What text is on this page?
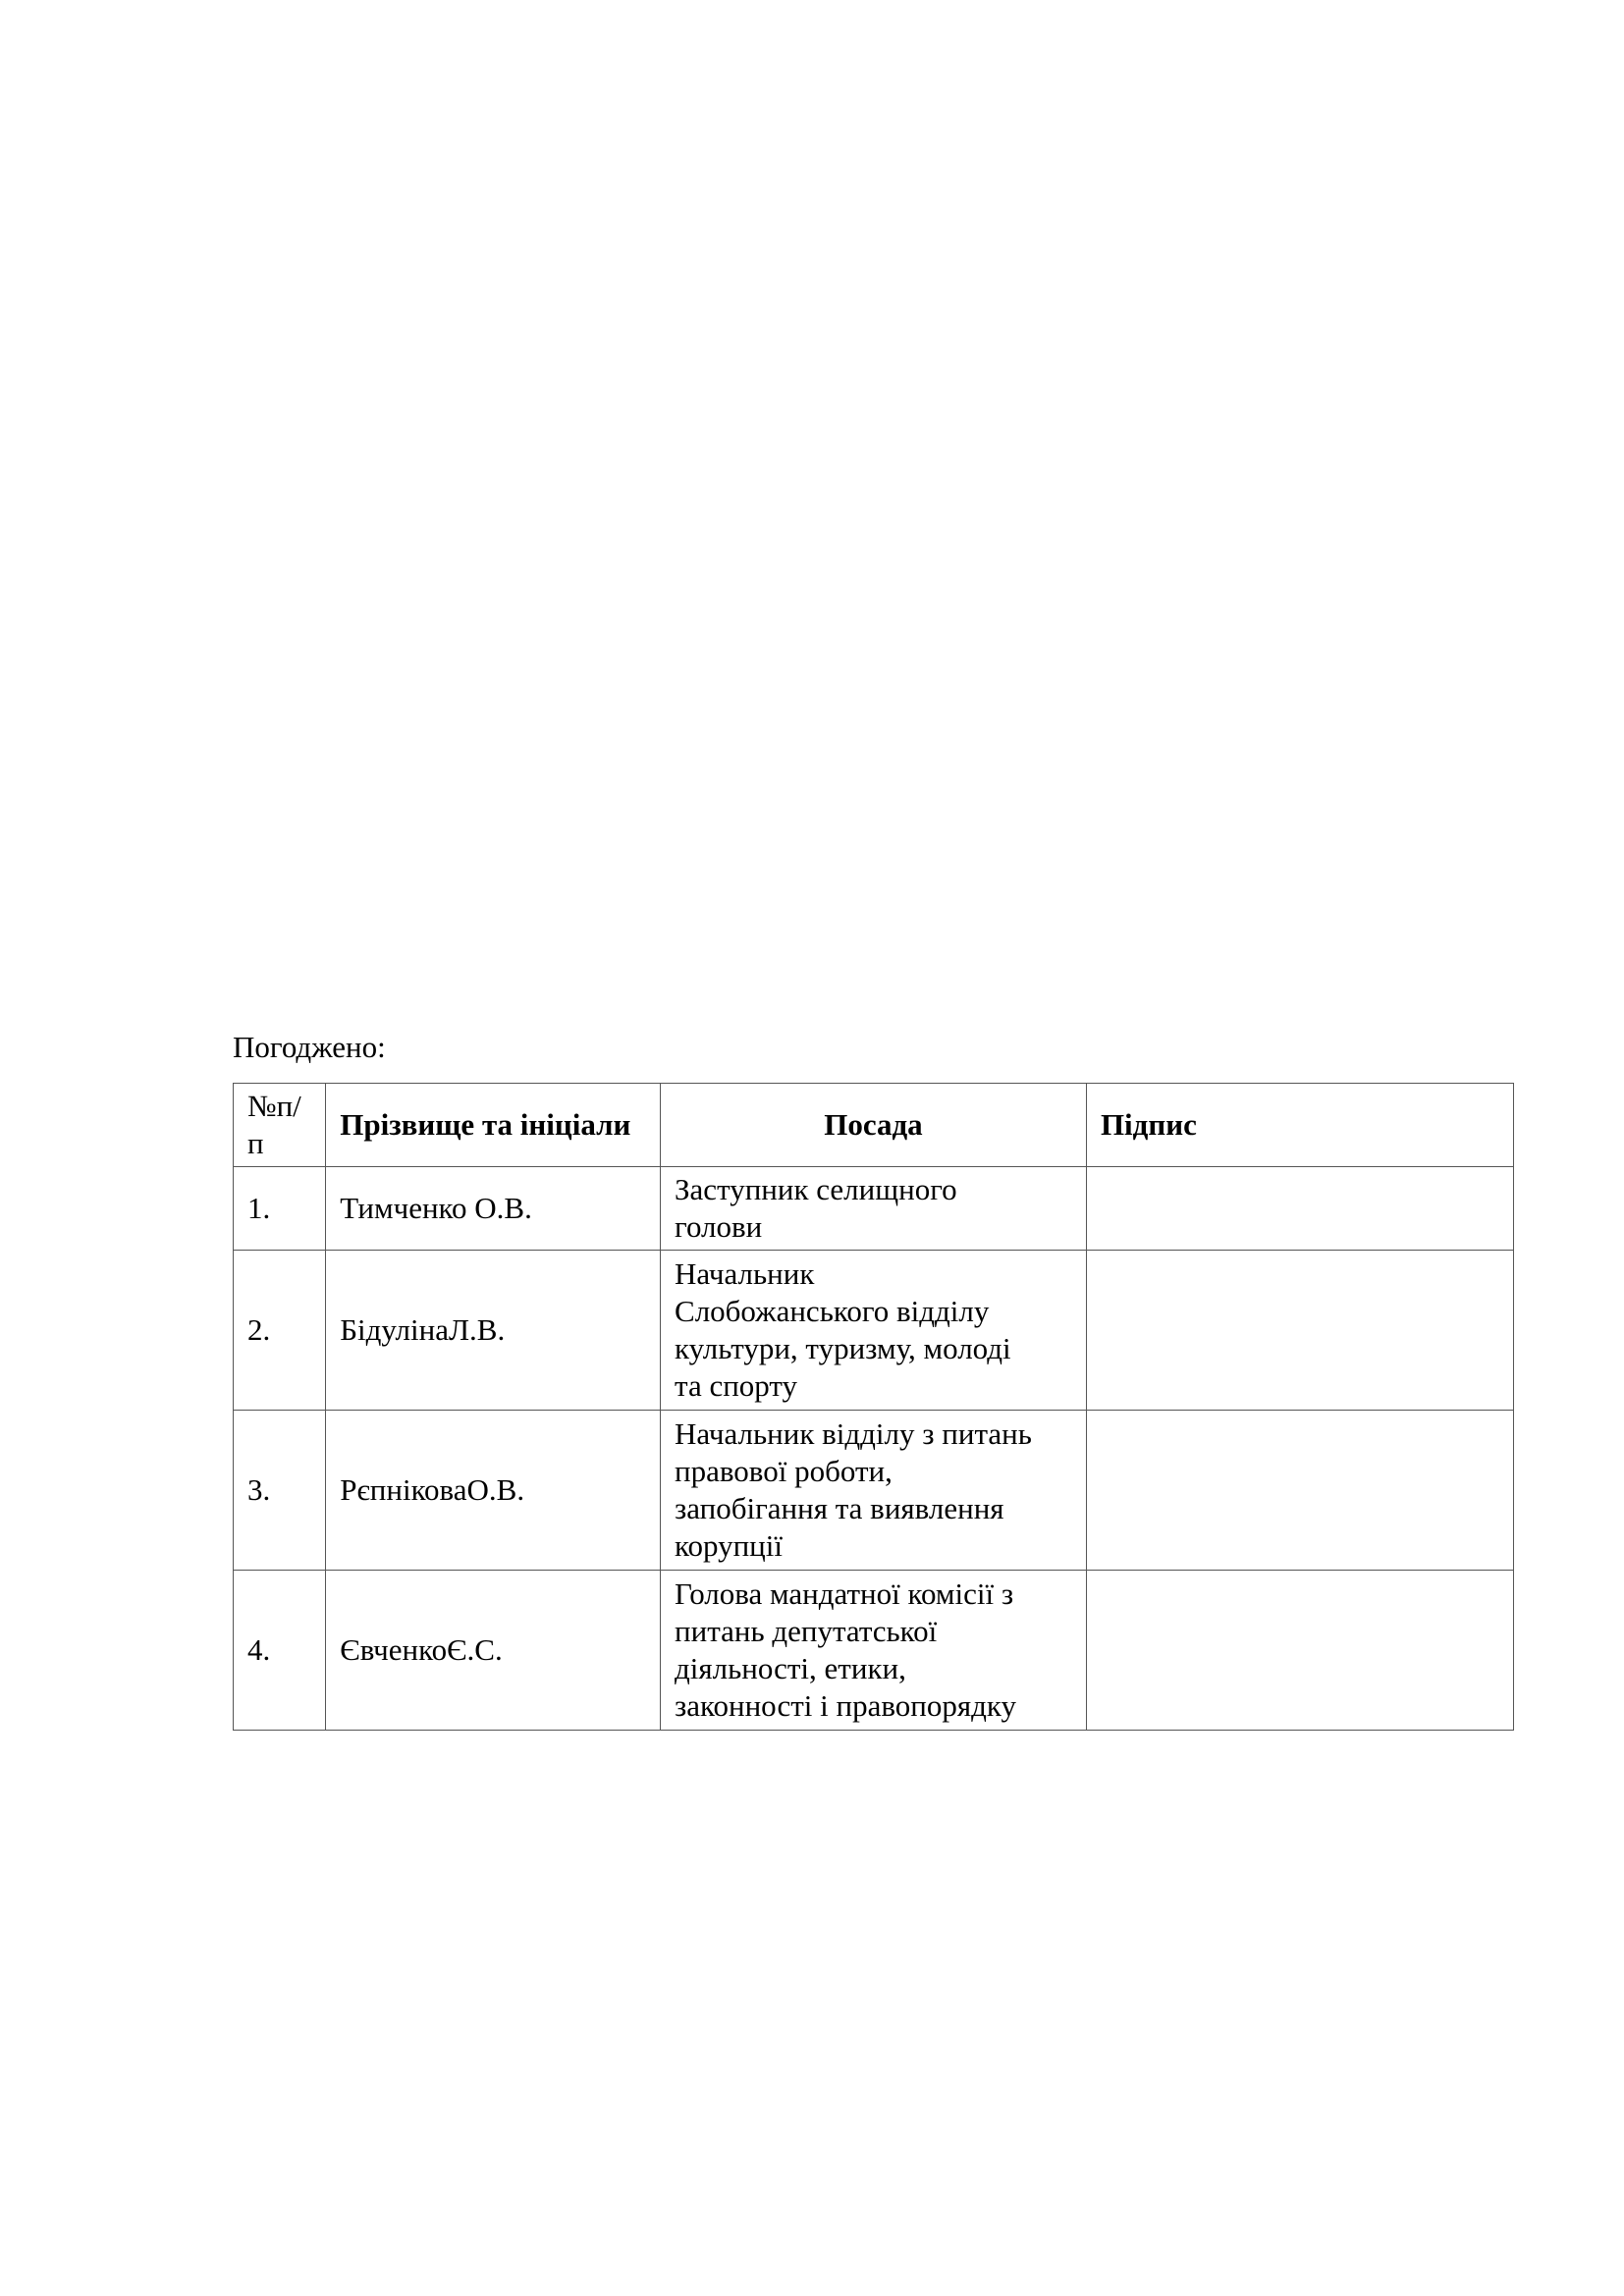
Погоджено:
№п/п	Прізвище та ініціали	Посада	Підпис
1.	Тимченко О.В.	Заступник селищного
голови	

2.	БідулінаЛ.В.	Начальник
Слобожанського відділу
культури, туризму, молоді
та спорту	

3.	РєпніковаО.В.	Начальник відділу з питань
правової роботи,
запобігання та виявлення
корупції	

4.	ЄвченкоЄ.С.	Голова мандатної комісії з
питань депутатської
діяльності, етики,
законності і правопорядку	
